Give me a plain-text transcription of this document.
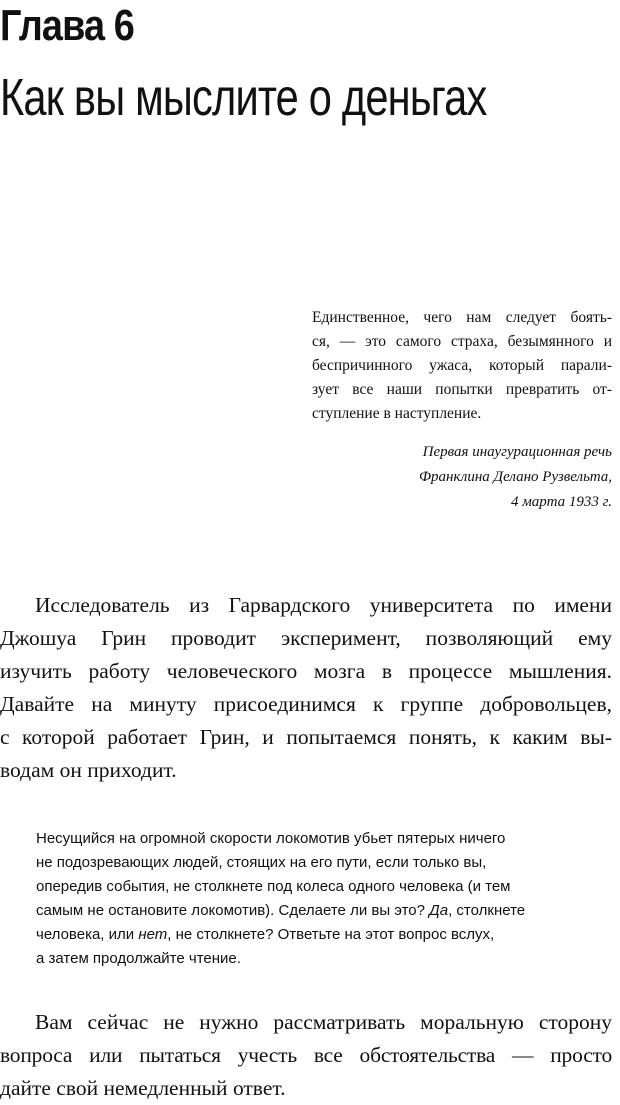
Глава 6
Как вы мыслите о деньгах
Единственное, чего нам следует боять-
ся, — это самого страха, безымянного и
беспричинного ужаса, который парали-
зует все наши попытки превратить от-
ступление в наступление.
Первая инаугурационная речь
Франклина Делано Рузвельта,
4 марта 1933 г.
Исследователь из Гарвардского университета по имени
Джошуа Грин проводит эксперимент, позволяющий ему
изучить работу человеческого мозга в процессе мышления.
Давайте на минуту присоединимся к группе добровольцев,
с которой работает Грин, и попытаемся понять, к каким вы-
водам он приходит.
Несущийся на огромной скорости локомотив убьет пятерых ничего
не подозревающих людей, стоящих на его пути, если только вы,
опередив события, не столкнете под колеса одного человека (и тем
самым не остановите локомотив). Сделаете ли вы это? Да, столкнете
человека, или нет, не столкнете? Ответьте на этот вопрос вслух,
а затем продолжайте чтение.
Вам сейчас не нужно рассматривать моральную сторону
вопроса или пытаться учесть все обстоятельства — просто
дайте свой немедленный ответ.
